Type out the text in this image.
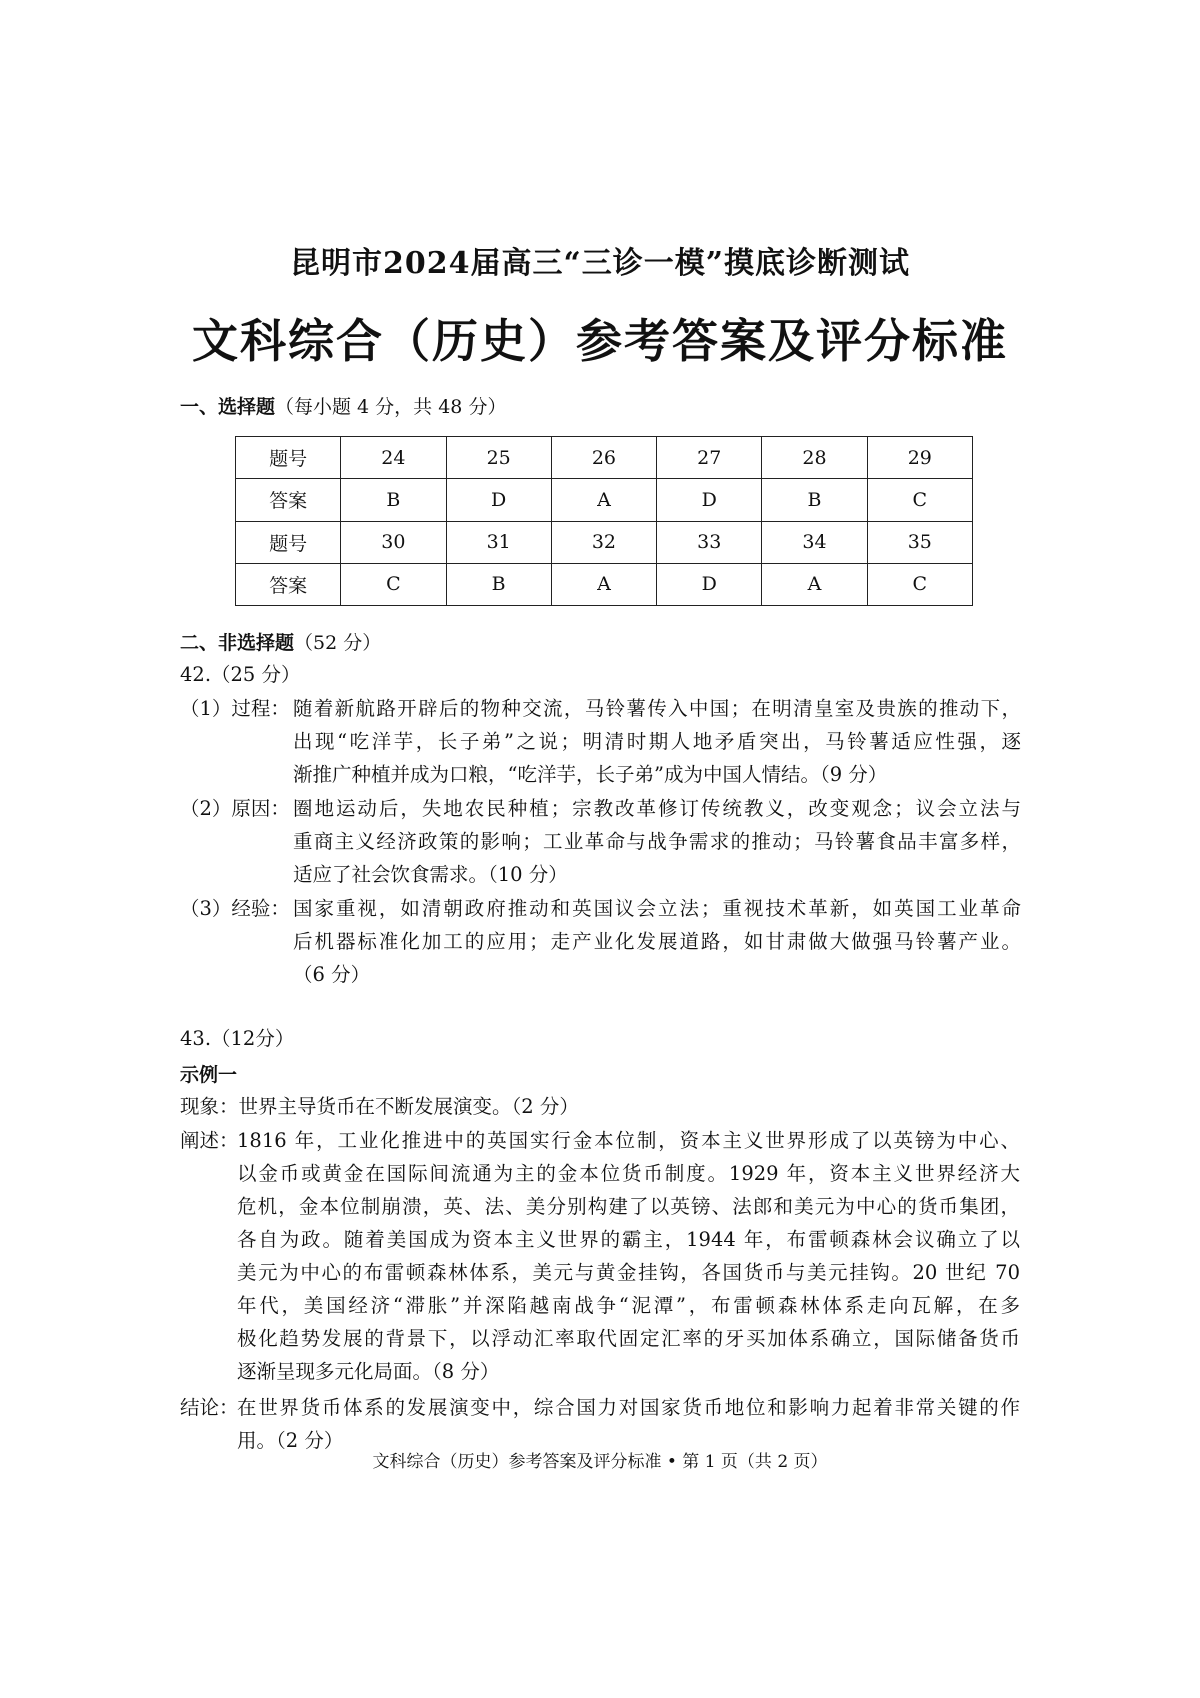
昆明市2024届高三“三诊一模”摸底诊断测试
文科综合（历史）参考答案及评分标准
一、选择题（每小题 4 分，共 48 分）
题号	24	25	26	27	28	29
答案	B	D	A	D	B	C
题号	30	31	32	33	34	35
答案	C	B	A	D	A	C
二、非选择题（52 分）
42.（25 分）
（1）过程： 随着新航路开辟后的物种交流，马铃薯传入中国；在明清皇室及贵族的推动下，
出现“吃洋芋，长子弟”之说；明清时期人地矛盾突出，马铃薯适应性强，逐
渐推广种植并成为口粮，“吃洋芋，长子弟”成为中国人情结。（9 分）
（2）原因： 圈地运动后，失地农民种植；宗教改革修订传统教义，改变观念；议会立法与
重商主义经济政策的影响；工业革命与战争需求的推动；马铃薯食品丰富多样，
适应了社会饮食需求。（10 分）
（3）经验： 国家重视，如清朝政府推动和英国议会立法；重视技术革新，如英国工业革命
后机器标准化加工的应用；走产业化发展道路，如甘肃做大做强马铃薯产业。
（6 分）
43.（12分）
示例一
现象：世界主导货币在不断发展演变。（2 分）
阐述：
1816 年，工业化推进中的英国实行金本位制，资本主义世界形成了以英镑为中心、
以金币或黄金在国际间流通为主的金本位货币制度。1929 年，资本主义世界经济大
危机，金本位制崩溃，英、法、美分别构建了以英镑、法郎和美元为中心的货币集团，
各自为政。随着美国成为资本主义世界的霸主，1944 年，布雷顿森林会议确立了以
美元为中心的布雷顿森林体系，美元与黄金挂钩，各国货币与美元挂钩。20 世纪 70
年代，美国经济“滞胀”并深陷越南战争“泥潭”，布雷顿森林体系走向瓦解，在多
极化趋势发展的背景下，以浮动汇率取代固定汇率的牙买加体系确立，国际储备货币
逐渐呈现多元化局面。（8 分）
结论：
在世界货币体系的发展演变中，综合国力对国家货币地位和影响力起着非常关键的作
用。（2 分）
文科综合（历史）参考答案及评分标准 • 第 1 页（共 2 页）
